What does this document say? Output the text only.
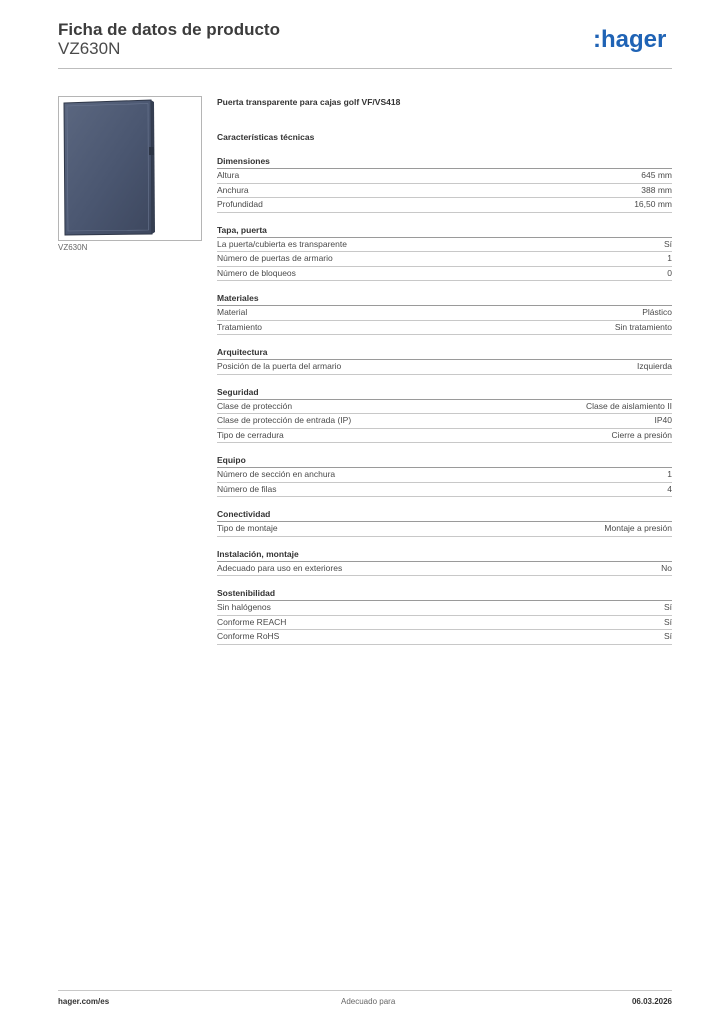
Ficha de datos de producto
VZ630N	:hager
VZ630N
Puerta transparente para cajas golf VF/VS418
Características técnicas
Dimensiones
Altura	645 mm
Anchura	388 mm
Profundidad	16,50 mm
Tapa, puerta
La puerta/cubierta es transparente	Sí
Número de puertas de armario	1
Número de bloqueos	0
Materiales
Material	Plástico
Tratamiento	Sin tratamiento
Arquitectura
Posición de la puerta del armario	Izquierda
Seguridad
Clase de protección	Clase de aislamiento II
Clase de protección de entrada (IP)	IP40
Tipo de cerradura	Cierre a presión
Equipo
Número de sección en anchura	1
Número de filas	4
Conectividad
Tipo de montaje	Montaje a presión
Instalación, montaje
Adecuado para uso en exteriores	No
Sostenibilidad
Sin halógenos	Sí
Conforme REACH	Sí
Conforme RoHS	Sí
hager.com/es	Adecuado para	06.03.2026
